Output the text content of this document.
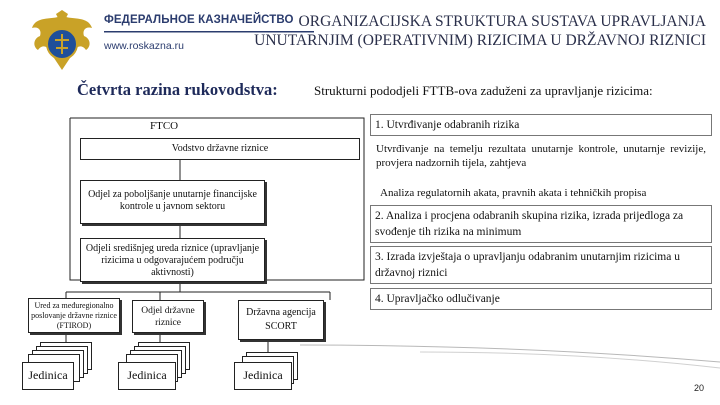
ФЕДЕРАЛЬНОЕ КАЗНАЧЕЙСТВО
www.roskazna.ru
ORGANIZACIJSKA STRUKTURA SUSTAVA UPRAVLJANJA UNUTARNJIM (OPERATIVNIM) RIZICIMA U DRŽAVNOJ RIZNICI
Četvrta razina rukovodstva:	Strukturni pododjeli FTTB-ova zaduženi za upravljanje rizicima:
FTCO
Vodstvo državne riznice
Odjel za poboljšanje unutarnje financijske kontrole u javnom sektoru
Odjeli središnjeg ureda riznice (upravljanje rizicima u odgovarajućem području aktivnosti)
Ured za međuregionalno poslovanje državne riznice (FTIROD)
Odjel državne riznice
Državna agencija SCORT
Jedinica	Jedinica	Jedinica
1. Utvrđivanje odabranih rizika
Utvrđivanje na temelju rezultata unutarnje kontrole, unutarnje revizije, provjera nadzornih tijela, zahtjeva
Analiza regulatornih akata, pravnih akata i tehničkih propisa
2. Analiza i procjena odabranih skupina rizika, izrada prijedloga za svođenje tih rizika na minimum
3. Izrada izvještaja o upravljanju odabranim unutarnjim rizicima u državnoj riznici
4. Upravljačko odlučivanje
20
